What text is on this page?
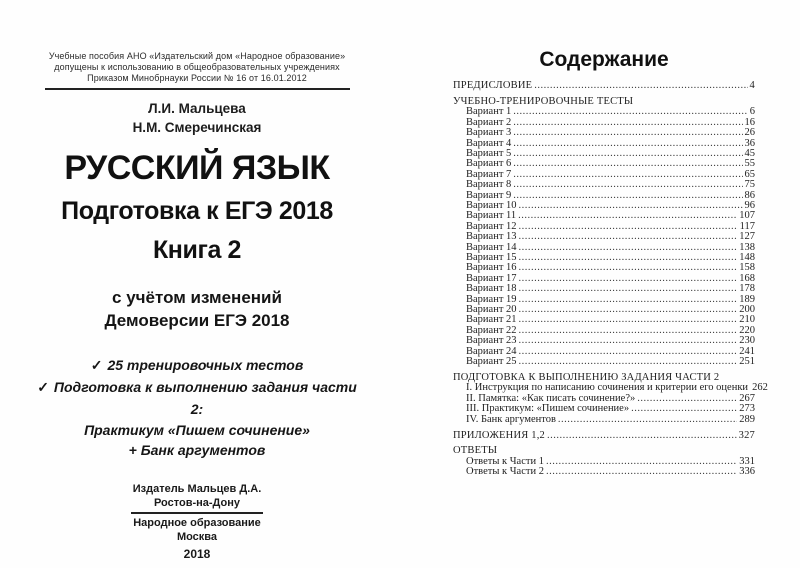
Учебные пособия АНО «Издательский дом «Народное образование»
допущены к использованию в общеобразовательных учреждениях
Приказом Минобрнауки России № 16 от 16.01.2012
Л.И. Мальцева
Н.М. Смеречинская
РУССКИЙ ЯЗЫК
Подготовка к ЕГЭ 2018
Книга 2
с учётом изменений
Демоверсии ЕГЭ 2018
✓ 25 тренировочных тестов
✓ Подготовка к выполнению задания части 2:
Практикум «Пишем сочинение»
+ Банк аргументов
Издатель Мальцев Д.А.
Ростов-на-Дону
Народное образование
Москва
2018
Содержание
ПРЕДИСЛОВИЕ .....	4
УЧЕБНО-ТРЕНИРОВОЧНЫЕ ТЕСТЫ
Вариант 1 .....	6
Вариант 2 .....	16
Вариант 3 .....	26
Вариант 4 .....	36
Вариант 5 .....	45
Вариант 6 .....	55
Вариант 7 .....	65
Вариант 8 .....	75
Вариант 9 .....	86
Вариант 10 .....	96
Вариант 11 .....	107
Вариант 12 .....	117
Вариант 13 .....	127
Вариант 14 .....	138
Вариант 15 .....	148
Вариант 16 .....	158
Вариант 17 .....	168
Вариант 18 .....	178
Вариант 19 .....	189
Вариант 20 .....	200
Вариант 21 .....	210
Вариант 22 .....	220
Вариант 23 .....	230
Вариант 24 .....	241
Вариант 25 .....	251
ПОДГОТОВКА К ВЫПОЛНЕНИЮ ЗАДАНИЯ ЧАСТИ 2
I. Инструкция по написанию сочинения и критерии его оценки 262
II. Памятка: «Как писать сочинение?» .....	267
III. Практикум: «Пишем сочинение» .....	273
IV. Банк аргументов .....	289
ПРИЛОЖЕНИЯ 1,2 .....	327
ОТВЕТЫ
Ответы к Части 1 .....	331
Ответы к Части 2 .....	336
